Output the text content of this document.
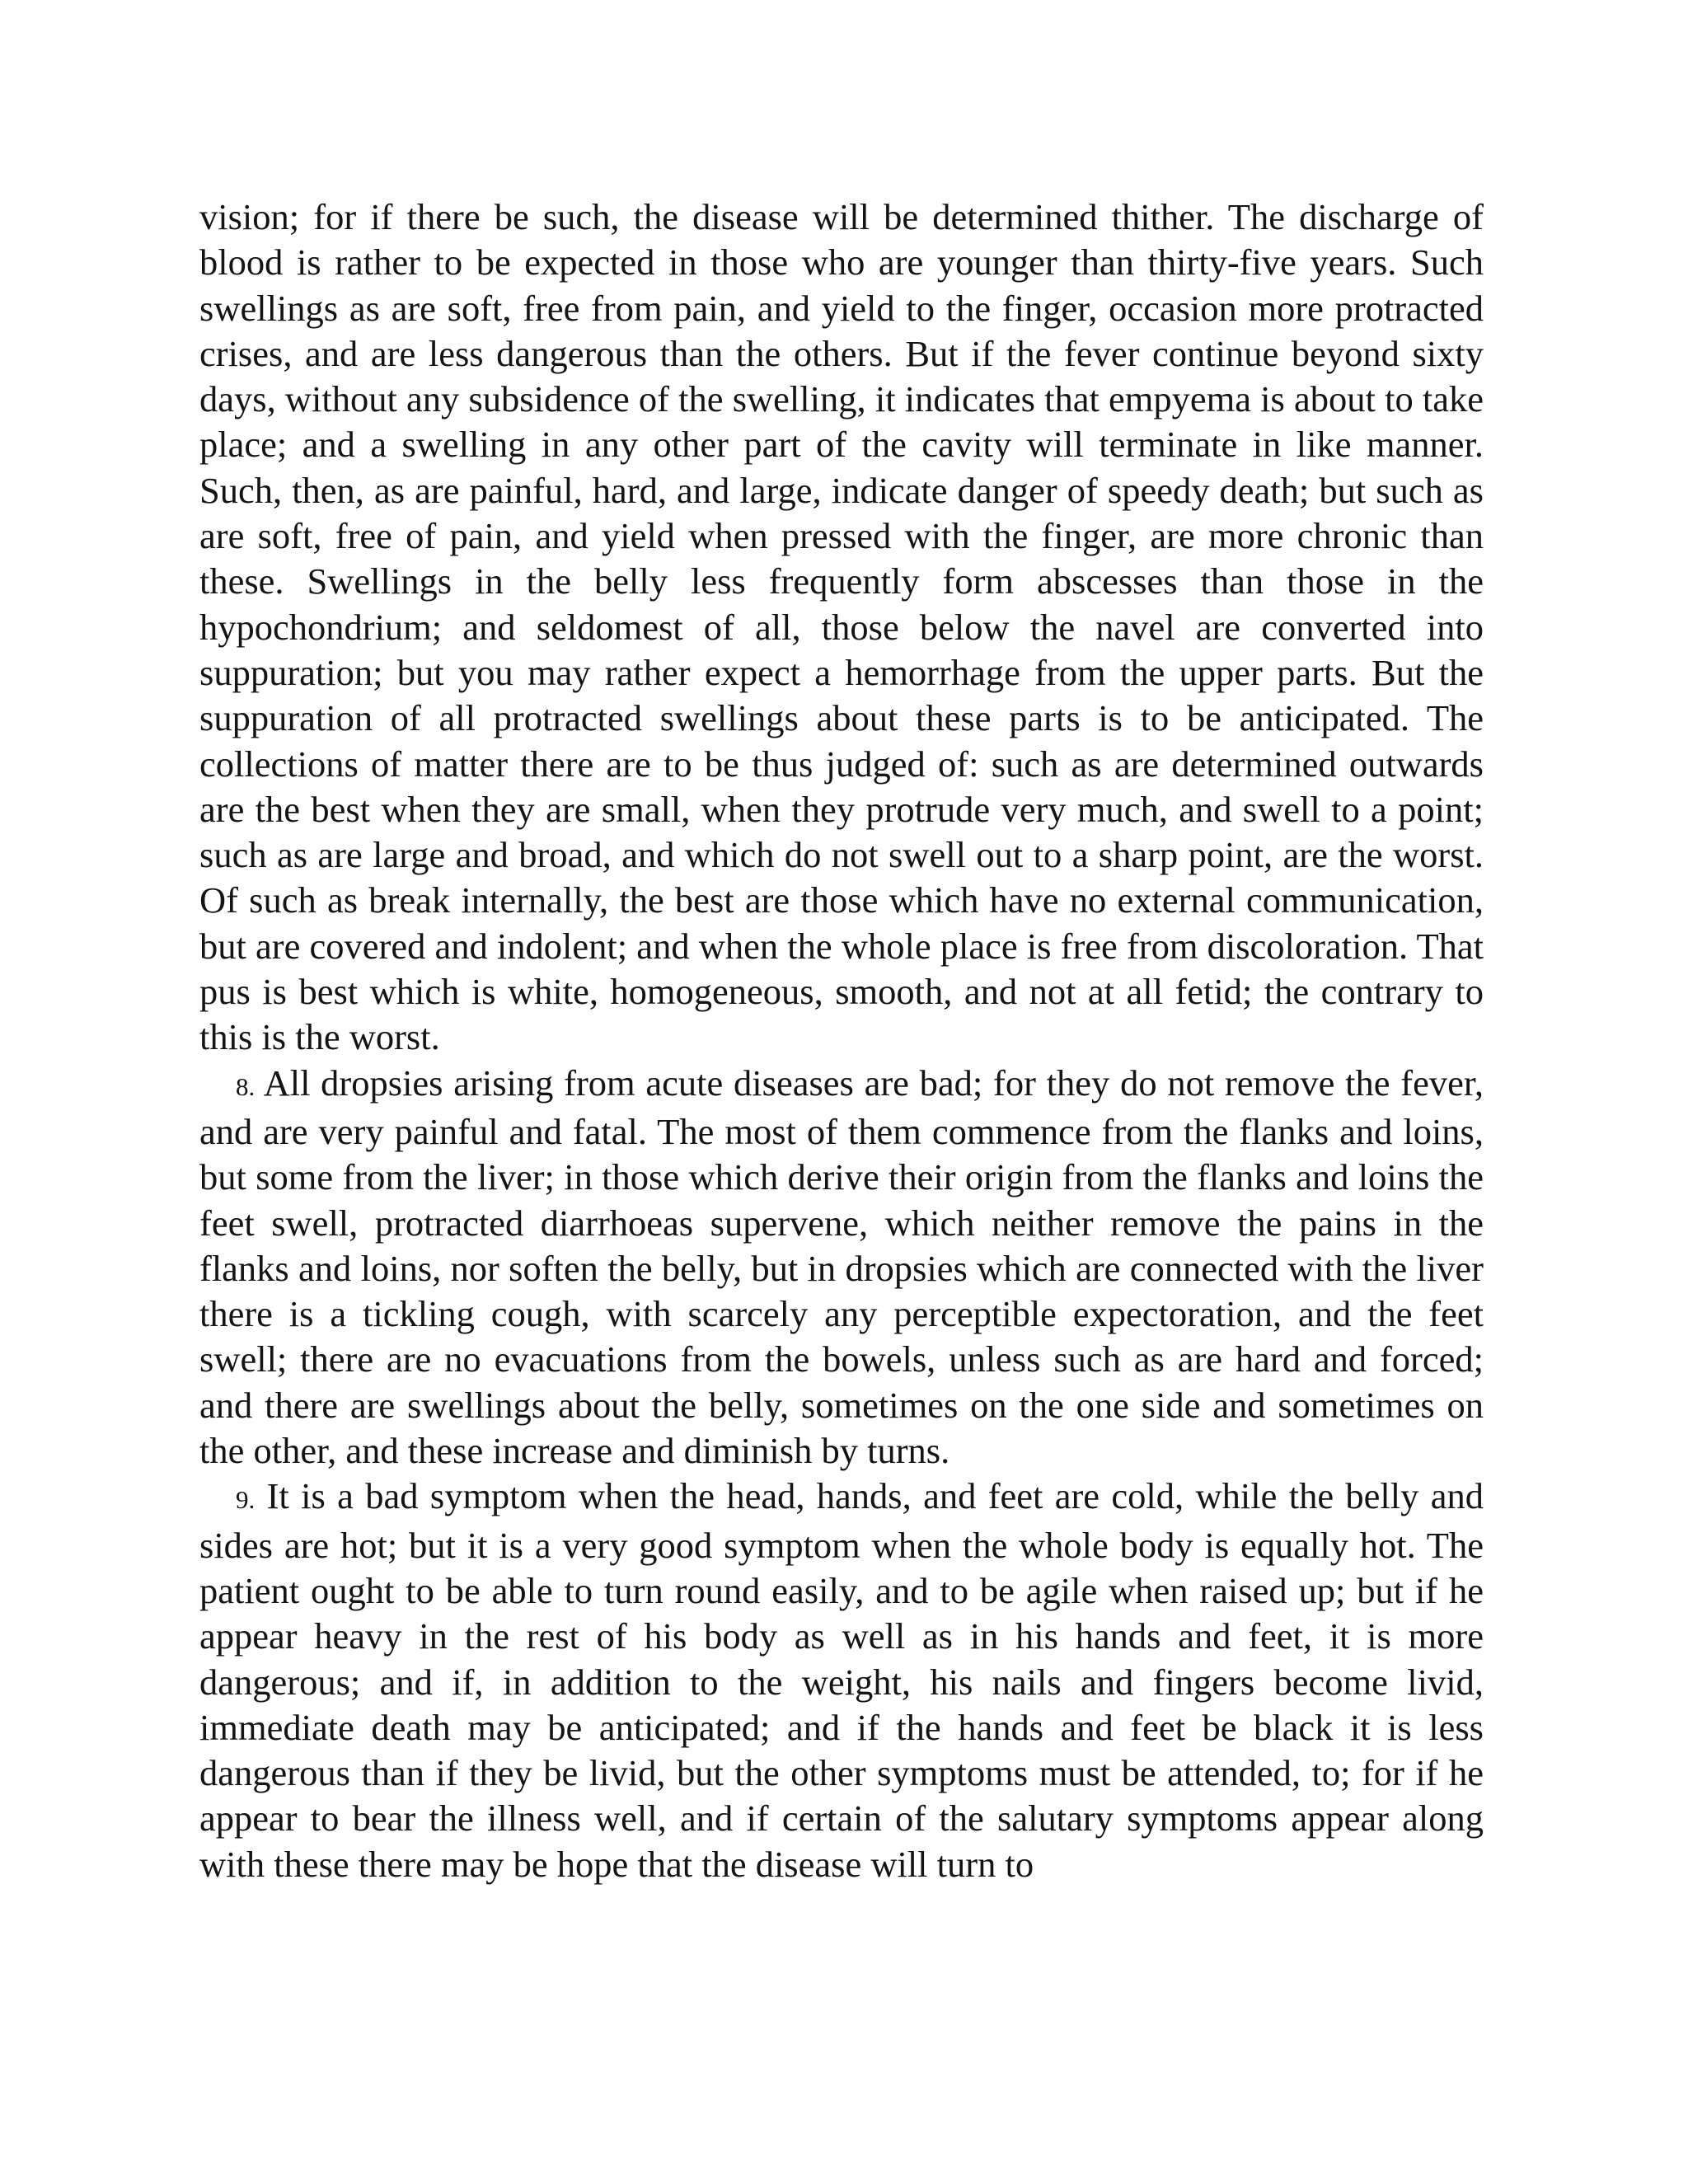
vision; for if there be such, the disease will be determined thither. The discharge of blood is rather to be expected in those who are younger than thirty-five years. Such swellings as are soft, free from pain, and yield to the finger, occasion more protracted crises, and are less dangerous than the others. But if the fever continue beyond sixty days, without any subsidence of the swelling, it indicates that empyema is about to take place; and a swelling in any other part of the cavity will terminate in like manner. Such, then, as are painful, hard, and large, indicate danger of speedy death; but such as are soft, free of pain, and yield when pressed with the finger, are more chronic than these. Swellings in the belly less frequently form abscesses than those in the hypochondrium; and seldomest of all, those below the navel are converted into suppuration; but you may rather expect a hemorrhage from the upper parts. But the suppuration of all protracted swellings about these parts is to be anticipated. The collections of matter there are to be thus judged of: such as are determined outwards are the best when they are small, when they protrude very much, and swell to a point; such as are large and broad, and which do not swell out to a sharp point, are the worst. Of such as break internally, the best are those which have no external communication, but are covered and indolent; and when the whole place is free from discoloration. That pus is best which is white, homogeneous, smooth, and not at all fetid; the contrary to this is the worst.

8. All dropsies arising from acute diseases are bad; for they do not remove the fever, and are very painful and fatal. The most of them commence from the flanks and loins, but some from the liver; in those which derive their origin from the flanks and loins the feet swell, protracted diarrhoeas supervene, which neither remove the pains in the flanks and loins, nor soften the belly, but in dropsies which are connected with the liver there is a tickling cough, with scarcely any perceptible expectoration, and the feet swell; there are no evacuations from the bowels, unless such as are hard and forced; and there are swellings about the belly, sometimes on the one side and sometimes on the other, and these increase and diminish by turns.

9. It is a bad symptom when the head, hands, and feet are cold, while the belly and sides are hot; but it is a very good symptom when the whole body is equally hot. The patient ought to be able to turn round easily, and to be agile when raised up; but if he appear heavy in the rest of his body as well as in his hands and feet, it is more dangerous; and if, in addition to the weight, his nails and fingers become livid, immediate death may be anticipated; and if the hands and feet be black it is less dangerous than if they be livid, but the other symptoms must be attended, to; for if he appear to bear the illness well, and if certain of the salutary symptoms appear along with these there may be hope that the disease will turn to
